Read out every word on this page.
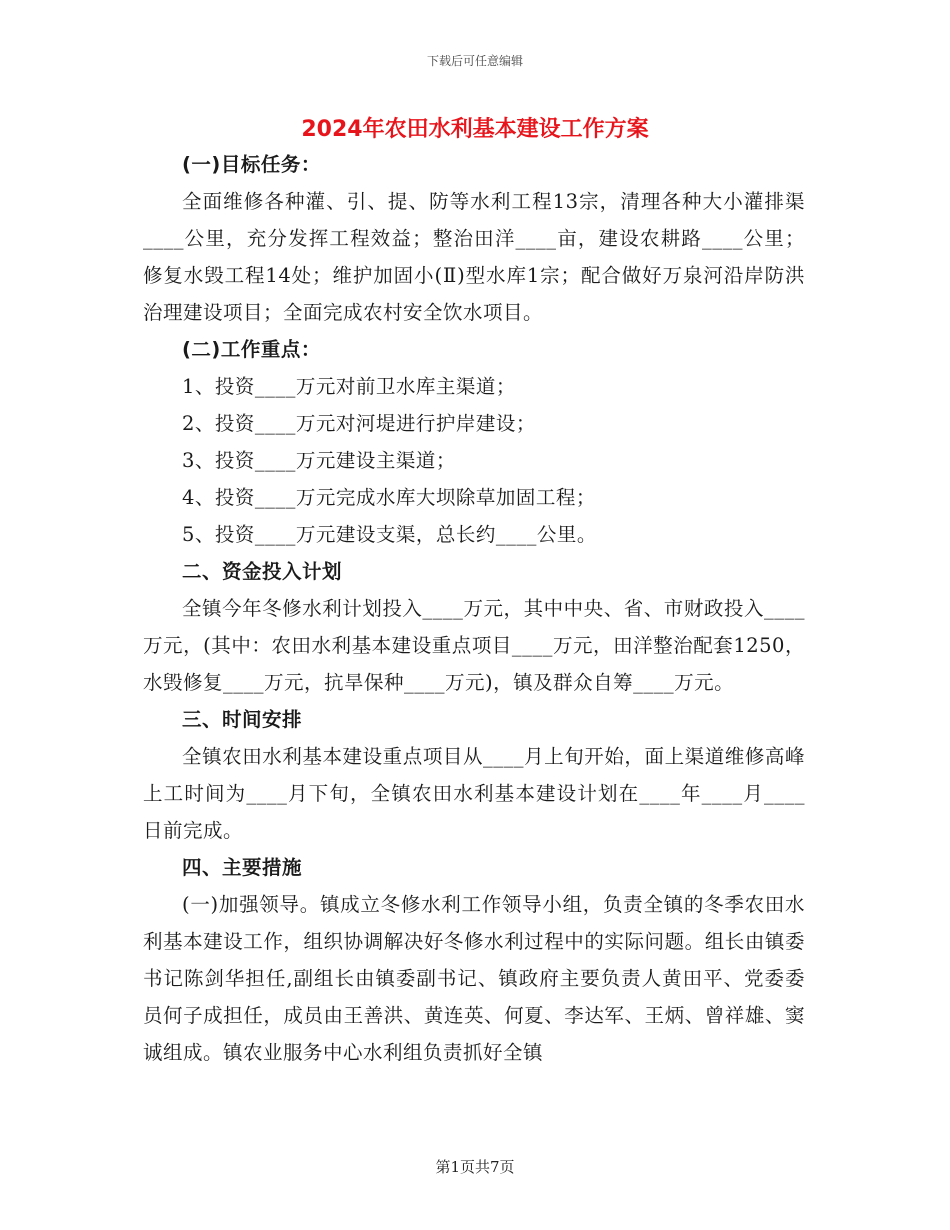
下载后可任意编辑
2024年农田水利基本建设工作方案
(一)目标任务：

全面维修各种灌、引、提、防等水利工程13宗，清理各种大小灌排渠____公里，充分发挥工程效益；整治田洋____亩，建设农耕路____公里；修复水毁工程14处；维护加固小(Ⅱ)型水库1宗；配合做好万泉河沿岸防洪治理建设项目；全面完成农村安全饮水项目。

(二)工作重点：

1、投资____万元对前卫水库主渠道；

2、投资____万元对河堤进行护岸建设；

3、投资____万元建设主渠道；

4、投资____万元完成水库大坝除草加固工程；

5、投资____万元建设支渠，总长约____公里。

二、资金投入计划

全镇今年冬修水利计划投入____万元，其中中央、省、市财政投入____万元，(其中：农田水利基本建设重点项目____万元，田洋整治配套1250，水毁修复____万元，抗旱保种____万元)，镇及群众自筹____万元。

三、时间安排

全镇农田水利基本建设重点项目从____月上旬开始，面上渠道维修高峰上工时间为____月下旬，全镇农田水利基本建设计划在____年____月____日前完成。

四、主要措施

(一)加强领导。镇成立冬修水利工作领导小组，负责全镇的冬季农田水利基本建设工作，组织协调解决好冬修水利过程中的实际问题。组长由镇委书记陈剑华担任,副组长由镇委副书记、镇政府主要负责人黄田平、党委委员何子成担任，成员由王善洪、黄连英、何夏、李达军、王炳、曾祥雄、窦诚组成。镇农业服务中心水利组负责抓好全镇

第1页共7页
